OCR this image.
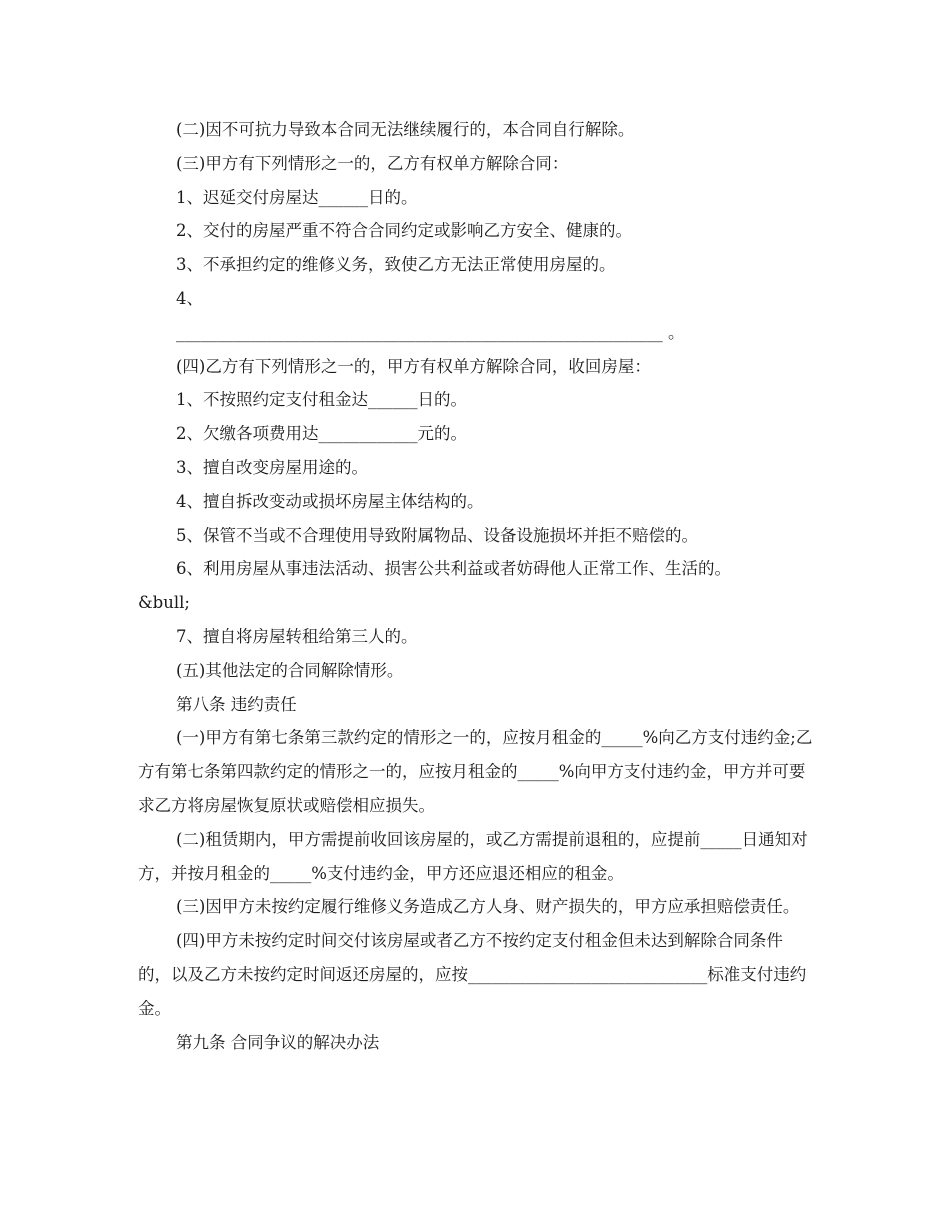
(二)因不可抗力导致本合同无法继续履行的，本合同自行解除。

(三)甲方有下列情形之一的，乙方有权单方解除合同：

1、迟延交付房屋达______日的。

2、交付的房屋严重不符合合同约定或影响乙方安全、健康的。

3、不承担约定的维修义务，致使乙方无法正常使用房屋的。

4、

___________________________________________________________ 。

(四)乙方有下列情形之一的，甲方有权单方解除合同，收回房屋：

1、不按照约定支付租金达______日的。

2、欠缴各项费用达____________元的。

3、擅自改变房屋用途的。

4、擅自拆改变动或损坏房屋主体结构的。

5、保管不当或不合理使用导致附属物品、设备设施损坏并拒不赔偿的。

6、利用房屋从事违法活动、损害公共利益或者妨碍他人正常工作、生活的。

&bull;

7、擅自将房屋转租给第三人的。

(五)其他法定的合同解除情形。

第八条 违约责任

(一)甲方有第七条第三款约定的情形之一的，应按月租金的_____%向乙方支付违约金;乙方有第七条第四款约定的情形之一的，应按月租金的_____%向甲方支付违约金，甲方并可要求乙方将房屋恢复原状或赔偿相应损失。

(二)租赁期内，甲方需提前收回该房屋的，或乙方需提前退租的，应提前_____日通知对方，并按月租金的_____%支付违约金，甲方还应退还相应的租金。

(三)因甲方未按约定履行维修义务造成乙方人身、财产损失的，甲方应承担赔偿责任。

(四)甲方未按约定时间交付该房屋或者乙方不按约定支付租金但未达到解除合同条件的，以及乙方未按约定时间返还房屋的，应按_____________________________标准支付违约金。

第九条 合同争议的解决办法
